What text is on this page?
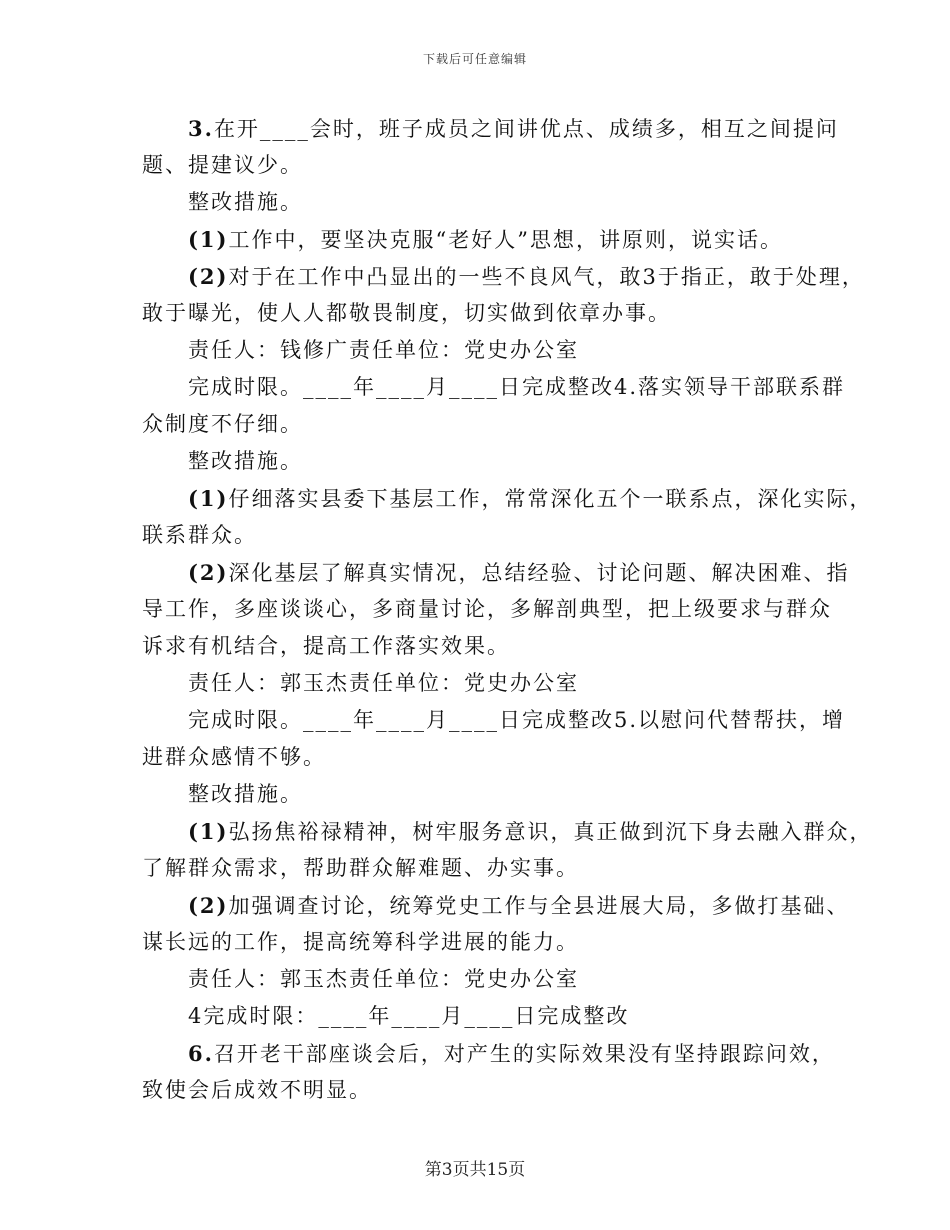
下载后可任意编辑
3.在开____会时，班子成员之间讲优点、成绩多，相互之间提问
题、提建议少。
整改措施。
(1)工作中，要坚决克服“老好人”思想，讲原则，说实话。
(2)对于在工作中凸显出的一些不良风气，敢3于指正，敢于处理，
敢于曝光，使人人都敬畏制度，切实做到依章办事。
责任人：钱修广责任单位：党史办公室
完成时限。____年____月____日完成整改4.落实领导干部联系群
众制度不仔细。
整改措施。
(1)仔细落实县委下基层工作，常常深化五个一联系点，深化实际，
联系群众。
(2)深化基层了解真实情况，总结经验、讨论问题、解决困难、指
导工作，多座谈谈心，多商量讨论，多解剖典型，把上级要求与群众
诉求有机结合，提高工作落实效果。
责任人：郭玉杰责任单位：党史办公室
完成时限。____年____月____日完成整改5.以慰问代替帮扶，增
进群众感情不够。
整改措施。
(1)弘扬焦裕禄精神，树牢服务意识，真正做到沉下身去融入群众，
了解群众需求，帮助群众解难题、办实事。
(2)加强调查讨论，统筹党史工作与全县进展大局，多做打基础、
谋长远的工作，提高统筹科学进展的能力。
责任人：郭玉杰责任单位：党史办公室
4完成时限：____年____月____日完成整改
6.召开老干部座谈会后，对产生的实际效果没有坚持跟踪问效，
致使会后成效不明显。
第3页共15页
